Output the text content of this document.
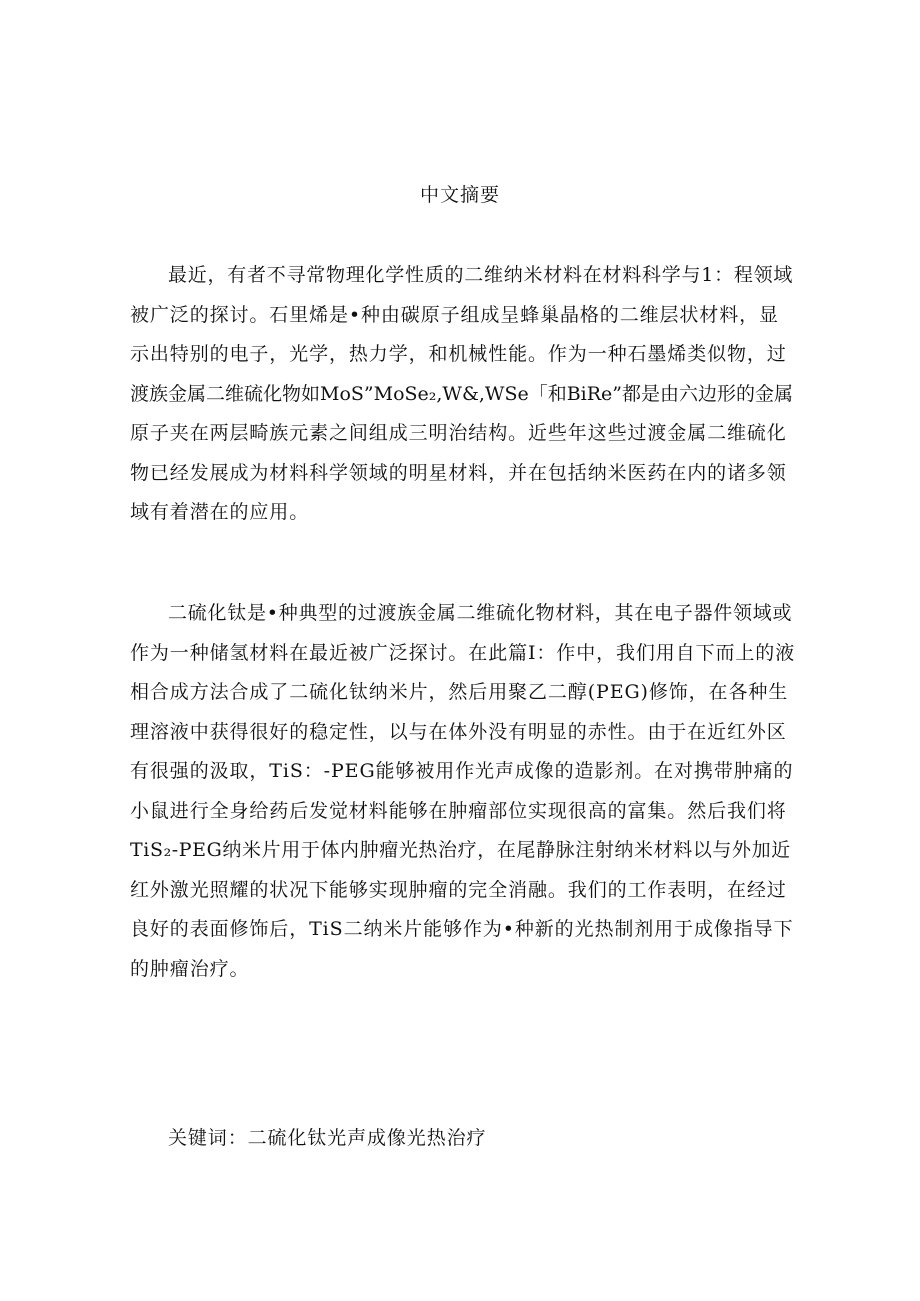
中文摘要
最近，有者不寻常物理化学性质的二维纳米材料在材料科学与1：程领域
被广泛的探讨。石里烯是•种由碳原子组成呈蜂巢晶格的二维层状材料，显
示出特别的电子，光学，热力学，和机械性能。作为一种石墨烯类似物，过
渡族金属二维硫化物如MoS”MoSe₂,W&,WSe「和BiRe”都是由六边形的金属
原子夹在两层畸族元素之间组成三明治结构。近些年这些过渡金属二维硫化
物已经发展成为材料科学领域的明星材料，并在包括纳米医药在内的诸多领
域有着潜在的应用。
二硫化钛是•种典型的过渡族金属二维硫化物材料，其在电子器件领域或
作为一种储氢材料在最近被广泛探讨。在此篇I：作中，我们用自下而上的液
相合成方法合成了二硫化钛纳米片，然后用聚乙二醇(PEG)修饰，在各种生
理溶液中获得很好的稳定性，以与在体外没有明显的赤性。由于在近红外区
有很强的汲取，TiS：-PEG能够被用作光声成像的造影剂。在对携带肿痛的
小鼠进行全身给药后发觉材料能够在肿瘤部位实现很高的富集。然后我们将
TiS₂-PEG纳米片用于体内肿瘤光热治疗，在尾静脉注射纳米材料以与外加近
红外激光照耀的状况下能够实现肿瘤的完全消融。我们的工作表明，在经过
良好的表面修饰后，TiS二纳米片能够作为•种新的光热制剂用于成像指导下
的肿瘤治疗。
关键词：二硫化钛光声成像光热治疗
